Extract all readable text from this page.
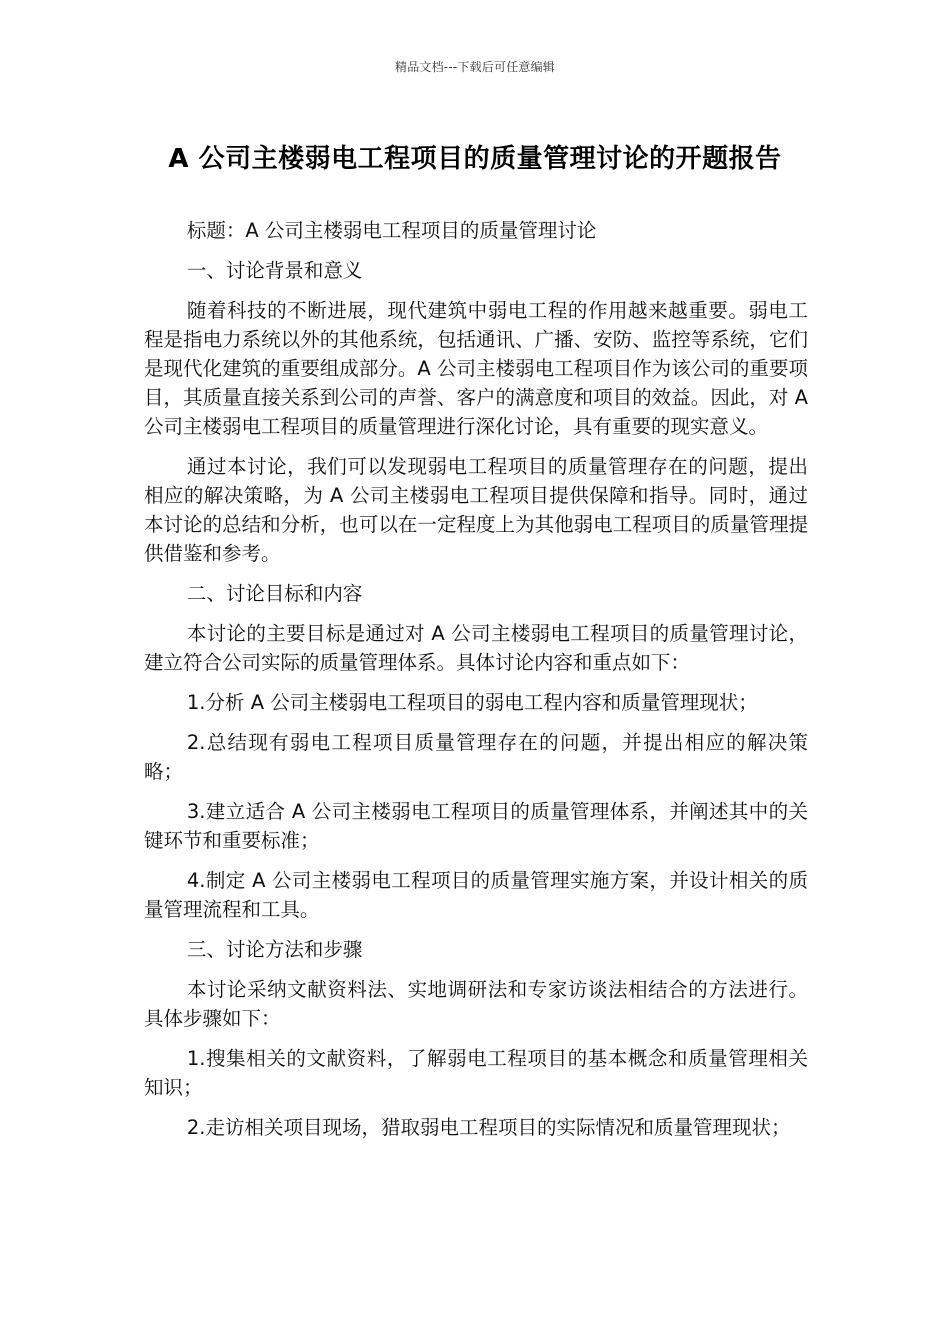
精品文档---下载后可任意编辑
A 公司主楼弱电工程项目的质量管理讨论的开题报告

标题：A 公司主楼弱电工程项目的质量管理讨论

一、讨论背景和意义

随着科技的不断进展，现代建筑中弱电工程的作用越来越重要。弱电工程是指电力系统以外的其他系统，包括通讯、广播、安防、监控等系统，它们是现代化建筑的重要组成部分。A 公司主楼弱电工程项目作为该公司的重要项目，其质量直接关系到公司的声誉、客户的满意度和项目的效益。因此，对 A 公司主楼弱电工程项目的质量管理进行深化讨论，具有重要的现实意义。

通过本讨论，我们可以发现弱电工程项目的质量管理存在的问题，提出相应的解决策略，为 A 公司主楼弱电工程项目提供保障和指导。同时，通过本讨论的总结和分析，也可以在一定程度上为其他弱电工程项目的质量管理提供借鉴和参考。

二、讨论目标和内容

本讨论的主要目标是通过对 A 公司主楼弱电工程项目的质量管理讨论，建立符合公司实际的质量管理体系。具体讨论内容和重点如下：

1.分析 A 公司主楼弱电工程项目的弱电工程内容和质量管理现状；

2.总结现有弱电工程项目质量管理存在的问题，并提出相应的解决策略；

3.建立适合 A 公司主楼弱电工程项目的质量管理体系，并阐述其中的关键环节和重要标准；

4.制定 A 公司主楼弱电工程项目的质量管理实施方案，并设计相关的质量管理流程和工具。

三、讨论方法和步骤

本讨论采纳文献资料法、实地调研法和专家访谈法相结合的方法进行。具体步骤如下：

1.搜集相关的文献资料，了解弱电工程项目的基本概念和质量管理相关知识；

2.走访相关项目现场，猎取弱电工程项目的实际情况和质量管理现状；
